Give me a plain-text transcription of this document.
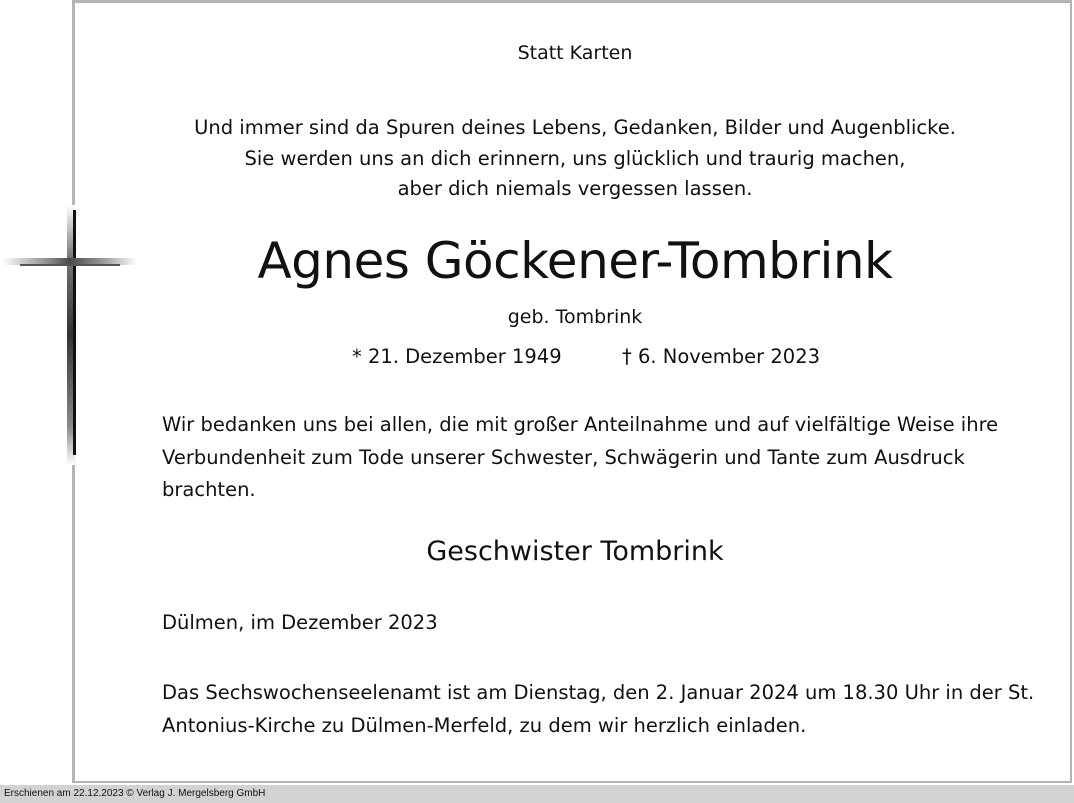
Statt Karten
Und immer sind da Spuren deines Lebens, Gedanken, Bilder und Augenblicke.
Sie werden uns an dich erinnern, uns glücklich und traurig machen,
aber dich niemals vergessen lassen.
Agnes Göckener-Tombrink
geb. Tombrink
* 21. Dezember 1949	† 6. November 2023
Wir bedanken uns bei allen, die mit großer Anteilnahme und auf vielfältige Weise ihre Verbundenheit zum Tode unserer Schwester, Schwägerin und Tante zum Ausdruck brachten.
Geschwister Tombrink
Dülmen, im Dezember 2023
Das Sechswochenseelenamt ist am Dienstag, den 2. Januar 2024 um 18.30 Uhr in der St. Antonius-Kirche zu Dülmen-Merfeld, zu dem wir herzlich einladen.
Erschienen am 22.12.2023 © Verlag J. Mergelsberg GmbH
